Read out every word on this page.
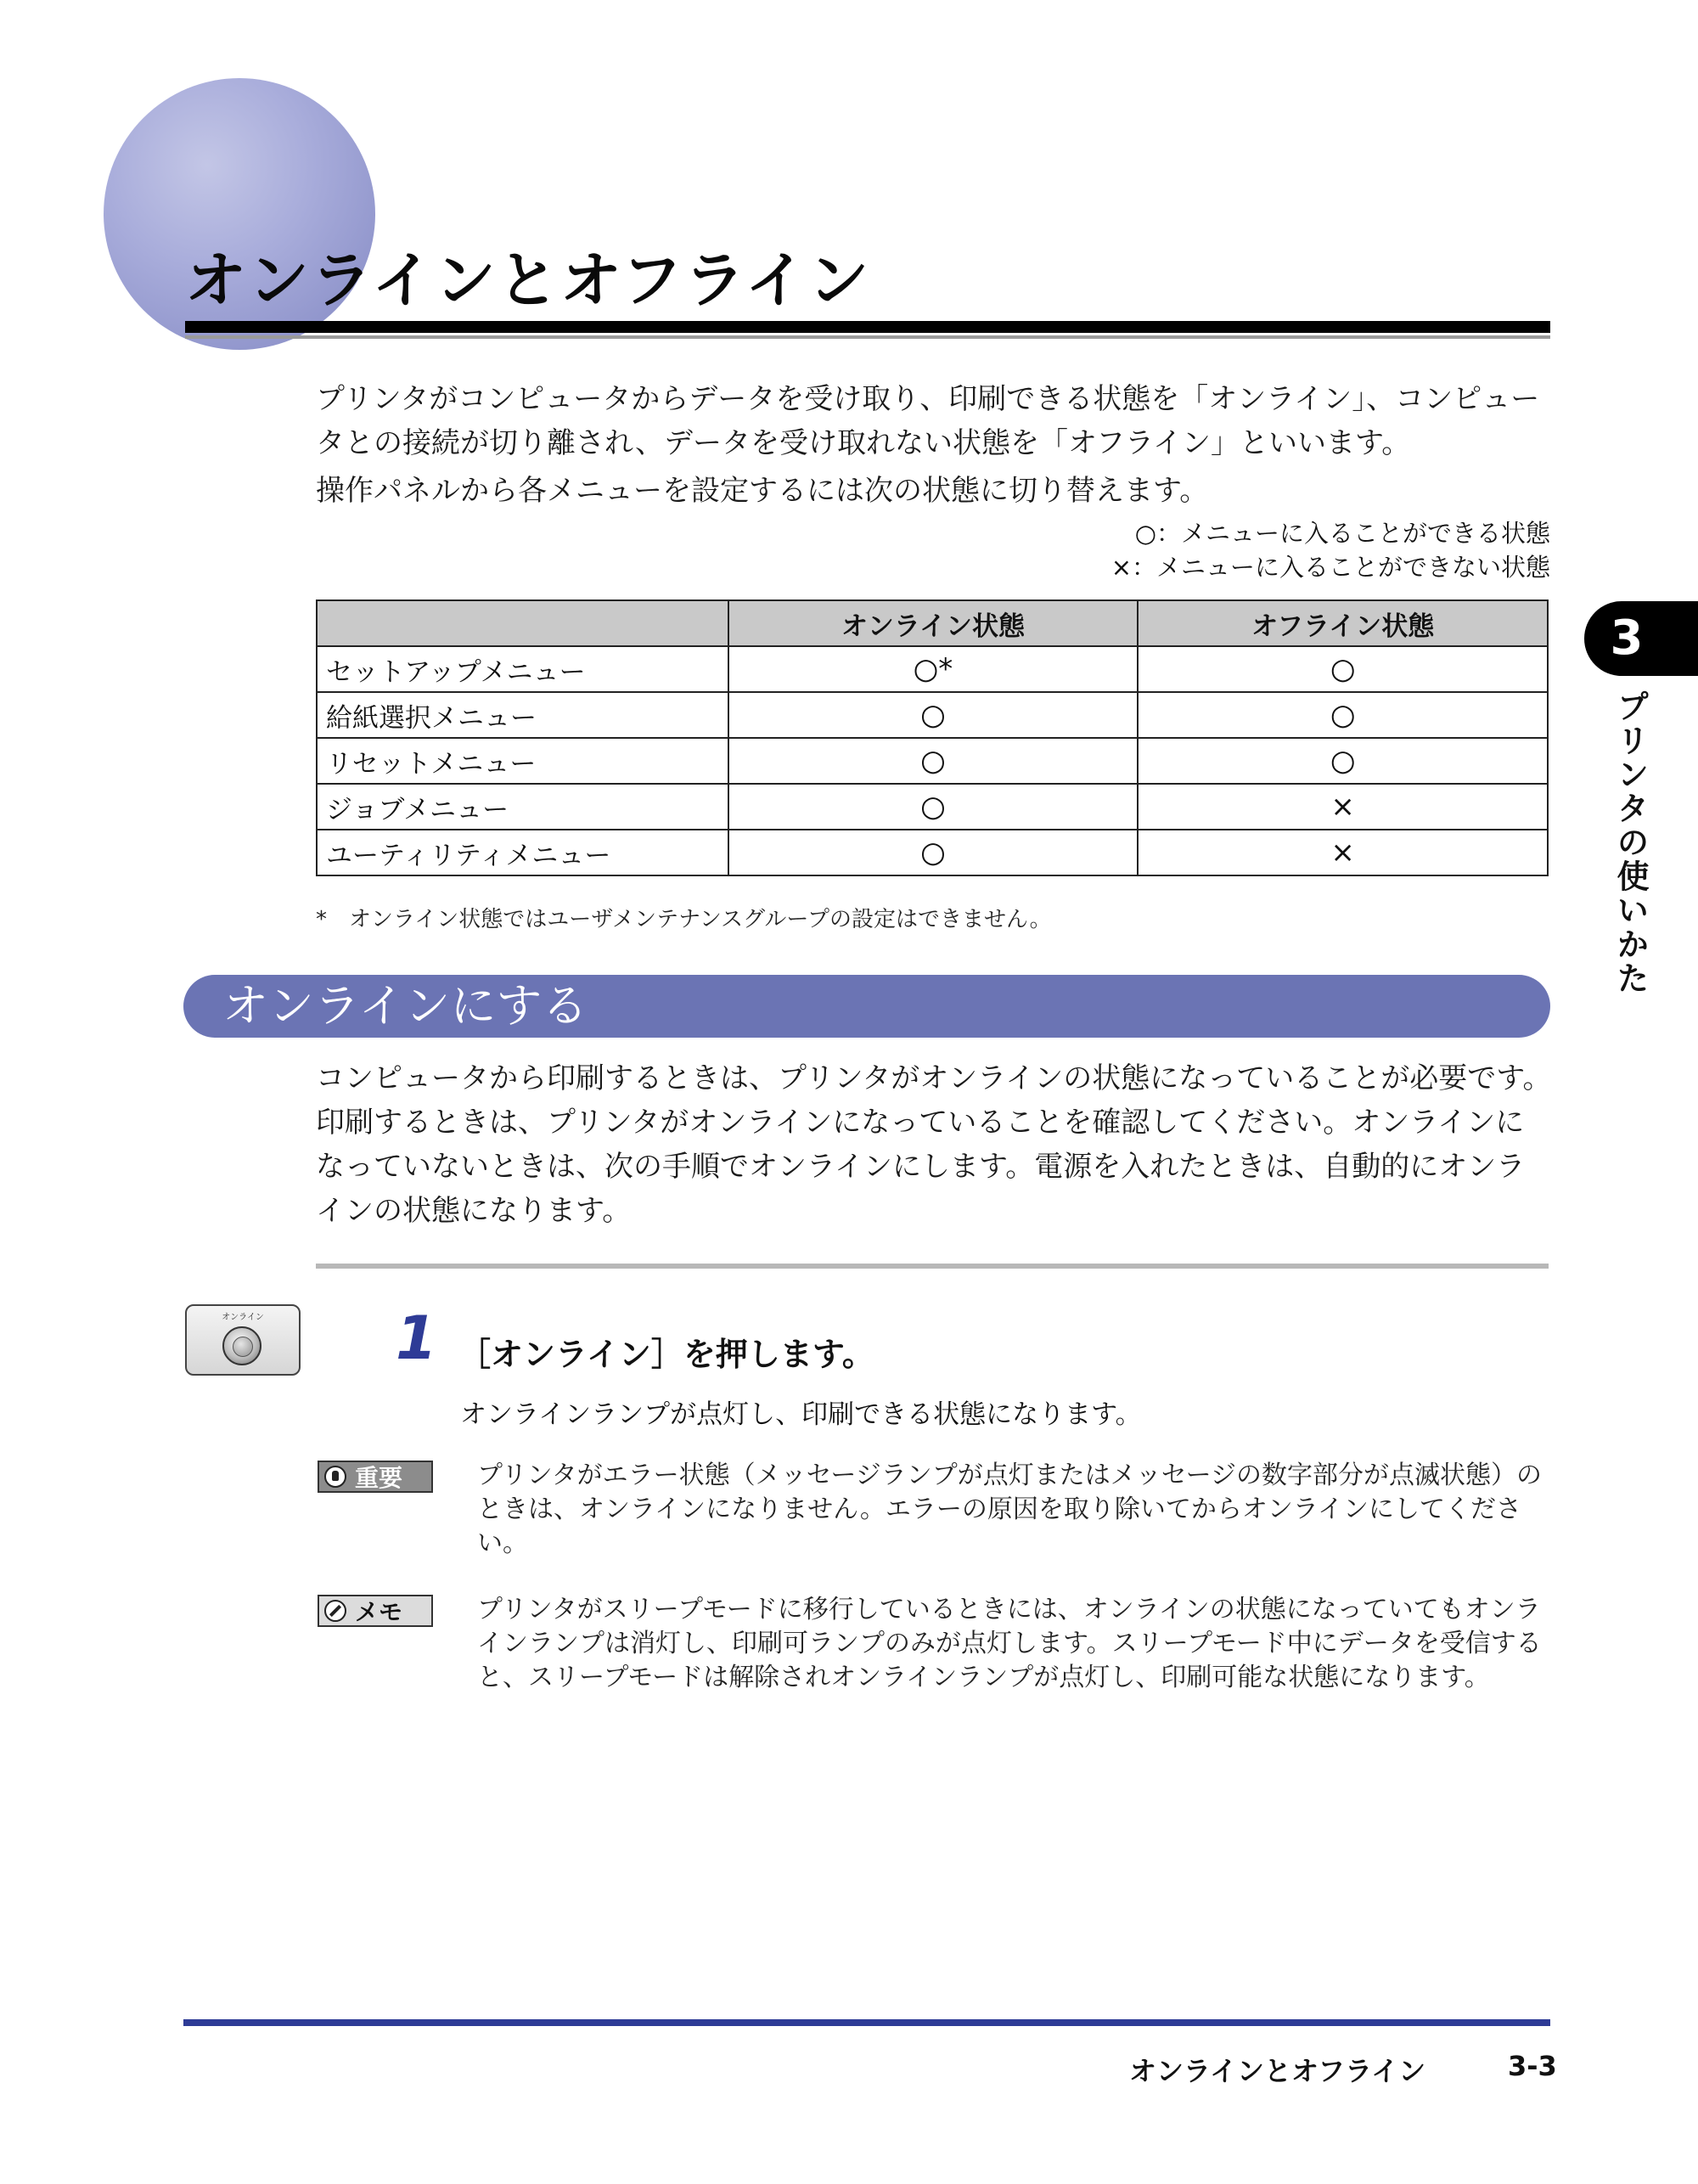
オンラインとオフライン
プリンタがコンピュータからデータを受け取り、印刷できる状態を「オンライン」、コンピュータとの接続が切り離され、データを受け取れない状態を「オフライン」といいます。
操作パネルから各メニューを設定するには次の状態に切り替えます。
○：メニューに入ることができる状態
×：メニューに入ることができない状態
	オンライン状態	オフライン状態
セットアップメニュー	○*	○
給紙選択メニュー	○	○
リセットメニュー	○	○
ジョブメニュー	○	×
ユーティリティメニュー	○	×
*　オンライン状態ではユーザメンテナンスグループの設定はできません。
オンラインにする
コンピュータから印刷するときは、プリンタがオンラインの状態になっていることが必要です。印刷するときは、プリンタがオンラインになっていることを確認してください。オンラインになっていないときは、次の手順でオンラインにします。電源を入れたときは、自動的にオンラインの状態になります。
オンライン	1 ［オンライン］を押します。
オンラインランプが点灯し、印刷できる状態になります。
重要	プリンタがエラー状態（メッセージランプが点灯またはメッセージの数字部分が点滅状態）のときは、オンラインになりません。エラーの原因を取り除いてからオンラインにしてください。
メモ	プリンタがスリープモードに移行しているときには、オンラインの状態になっていてもオンラインランプは消灯し、印刷可ランプのみが点灯します。スリープモード中にデータを受信すると、スリープモードは解除されオンラインランプが点灯し、印刷可能な状態になります。
3
プリンタの使いかた
オンラインとオフライン	3-3
